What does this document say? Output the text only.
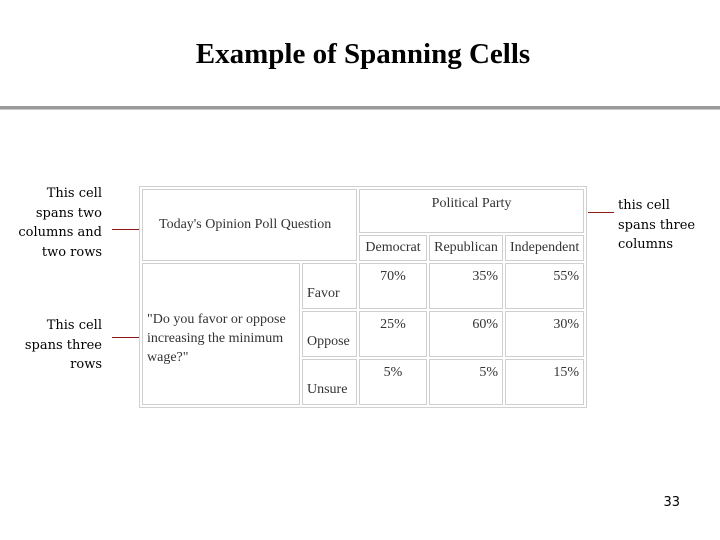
Example of Spanning Cells
This cell
spans two
columns and
two rows
This cell
spans three
rows
this cell
spans three
columns
Today's Opinion Poll Question		Political Party		
		Democrat	Republican	Independent
"Do you favor or oppose increasing the minimum wage?"	Favor	70%	35%	55%
	Oppose	25%	60%	30%
	Unsure	5%	5%	15%
33
